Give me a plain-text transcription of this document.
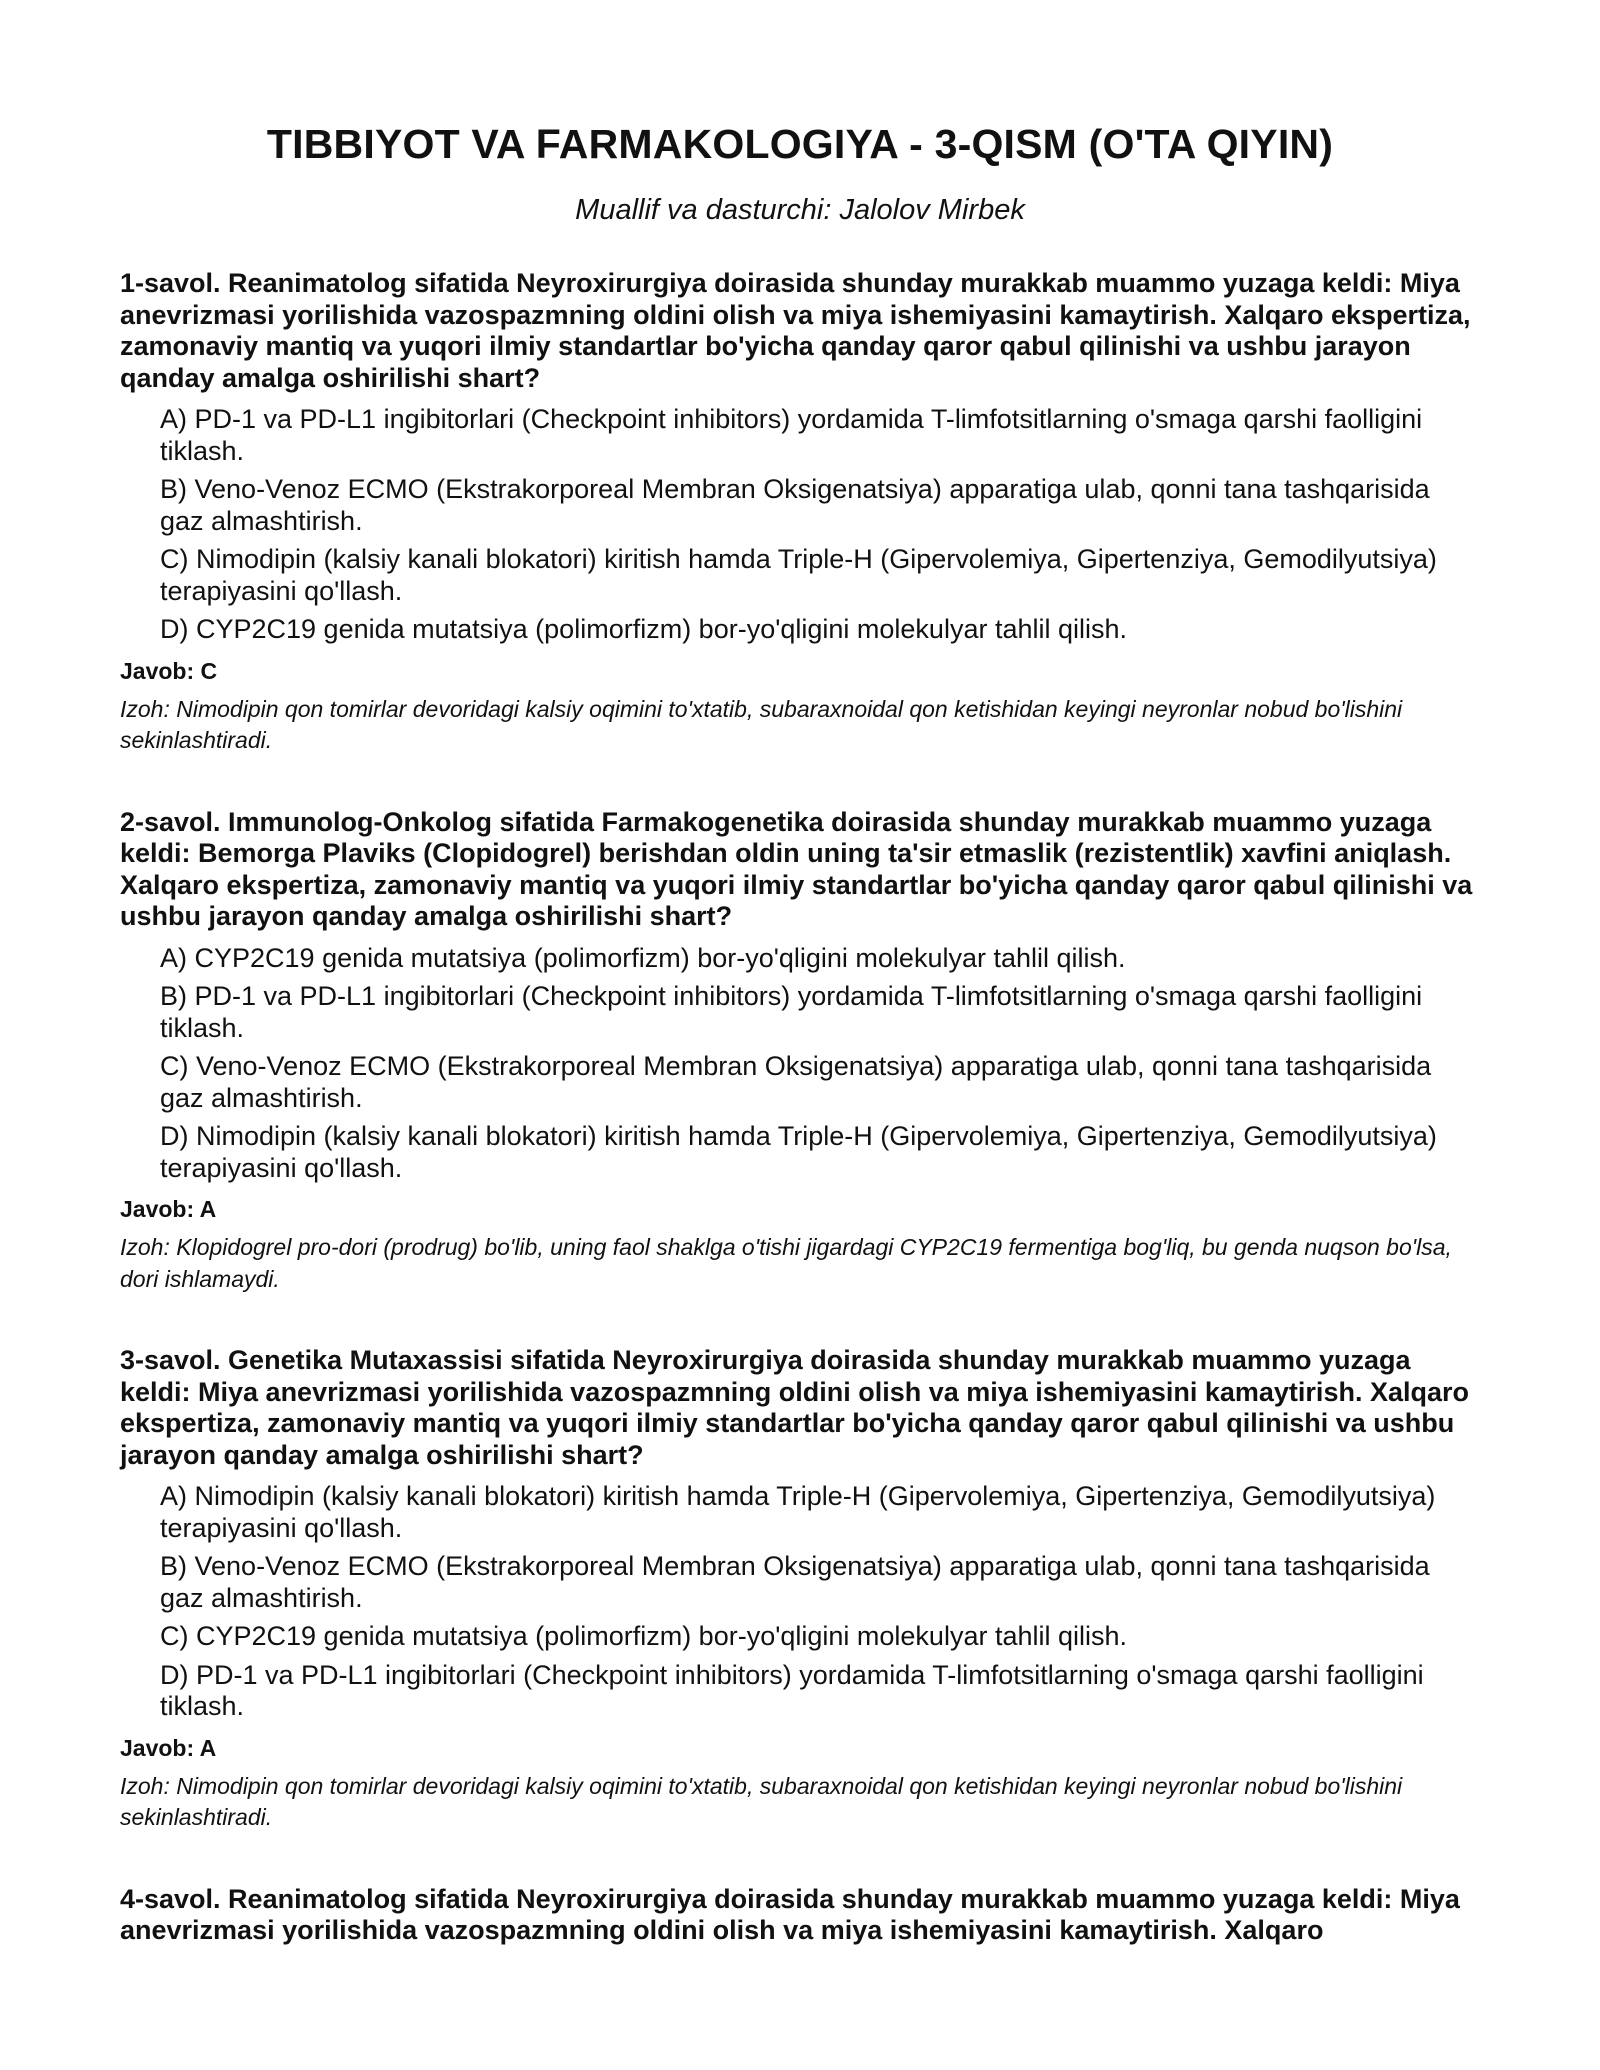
TIBBIYOT VA FARMAKOLOGIYA - 3-QISM (O'TA QIYIN)

Muallif va dasturchi: Jalolov Mirbek

1-savol. Reanimatolog sifatida Neyroxirurgiya doirasida shunday murakkab muammo yuzaga keldi: Miya anevrizmasi yorilishida vazospazmning oldini olish va miya ishemiyasini kamaytirish. Xalqaro ekspertiza, zamonaviy mantiq va yuqori ilmiy standartlar bo'yicha qanday qaror qabul qilinishi va ushbu jarayon qanday amalga oshirilishi shart?

A) PD-1 va PD-L1 ingibitorlari (Checkpoint inhibitors) yordamida T-limfotsitlarning o'smaga qarshi faolligini tiklash.
B) Veno-Venoz ECMO (Ekstrakorporeal Membran Oksigenatsiya) apparatiga ulab, qonni tana tashqarisida gaz almashtirish.
C) Nimodipin (kalsiy kanali blokatori) kiritish hamda Triple-H (Gipervolemiya, Gipertenziya, Gemodilyutsiya) terapiyasini qo'llash.
D) CYP2C19 genida mutatsiya (polimorfizm) bor-yo'qligini molekulyar tahlil qilish.
Javob: C
Izoh: Nimodipin qon tomirlar devoridagi kalsiy oqimini to'xtatib, subaraxnoidal qon ketishidan keyingi neyronlar nobud bo'lishini sekinlashtiradi.

2-savol. Immunolog-Onkolog sifatida Farmakogenetika doirasida shunday murakkab muammo yuzaga keldi: Bemorga Plaviks (Clopidogrel) berishdan oldin uning ta'sir etmaslik (rezistentlik) xavfini aniqlash. Xalqaro ekspertiza, zamonaviy mantiq va yuqori ilmiy standartlar bo'yicha qanday qaror qabul qilinishi va ushbu jarayon qanday amalga oshirilishi shart?

A) CYP2C19 genida mutatsiya (polimorfizm) bor-yo'qligini molekulyar tahlil qilish.
B) PD-1 va PD-L1 ingibitorlari (Checkpoint inhibitors) yordamida T-limfotsitlarning o'smaga qarshi faolligini tiklash.
C) Veno-Venoz ECMO (Ekstrakorporeal Membran Oksigenatsiya) apparatiga ulab, qonni tana tashqarisida gaz almashtirish.
D) Nimodipin (kalsiy kanali blokatori) kiritish hamda Triple-H (Gipervolemiya, Gipertenziya, Gemodilyutsiya) terapiyasini qo'llash.
Javob: A
Izoh: Klopidogrel pro-dori (prodrug) bo'lib, uning faol shaklga o'tishi jigardagi CYP2C19 fermentiga bog'liq, bu genda nuqson bo'lsa, dori ishlamaydi.

3-savol. Genetika Mutaxassisi sifatida Neyroxirurgiya doirasida shunday murakkab muammo yuzaga keldi: Miya anevrizmasi yorilishida vazospazmning oldini olish va miya ishemiyasini kamaytirish. Xalqaro ekspertiza, zamonaviy mantiq va yuqori ilmiy standartlar bo'yicha qanday qaror qabul qilinishi va ushbu jarayon qanday amalga oshirilishi shart?

A) Nimodipin (kalsiy kanali blokatori) kiritish hamda Triple-H (Gipervolemiya, Gipertenziya, Gemodilyutsiya) terapiyasini qo'llash.
B) Veno-Venoz ECMO (Ekstrakorporeal Membran Oksigenatsiya) apparatiga ulab, qonni tana tashqarisida gaz almashtirish.
C) CYP2C19 genida mutatsiya (polimorfizm) bor-yo'qligini molekulyar tahlil qilish.
D) PD-1 va PD-L1 ingibitorlari (Checkpoint inhibitors) yordamida T-limfotsitlarning o'smaga qarshi faolligini tiklash.
Javob: A
Izoh: Nimodipin qon tomirlar devoridagi kalsiy oqimini to'xtatib, subaraxnoidal qon ketishidan keyingi neyronlar nobud bo'lishini sekinlashtiradi.

4-savol. Reanimatolog sifatida Neyroxirurgiya doirasida shunday murakkab muammo yuzaga keldi: Miya anevrizmasi yorilishida vazospazmning oldini olish va miya ishemiyasini kamaytirish. Xalqaro
